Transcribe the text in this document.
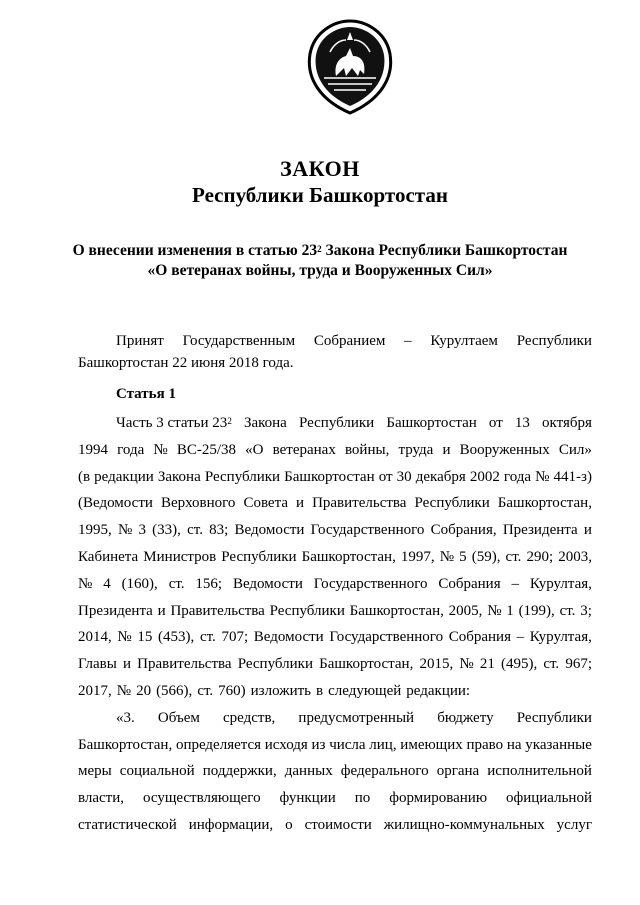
ЗАКОН
Республики Башкортостан
О внесении изменения в статью $23^2$ Закона Республики Башкортостан
«О ветеранах войны, труда и Вооруженных Сил»
Принят Государственным Собранием – Курултаем Республики
Башкортостан 22 июня 2018 года.
Статья 1
Часть 3 статьи $23^2$ Закона Республики Башкортостан от 13 октября
1994 года № ВС-25/38 «О ветеранах войны, труда и Вооруженных Сил»
(в редакции Закона Республики Башкортостан от 30 декабря 2002 года № 441-з)
(Ведомости Верховного Совета и Правительства Республики Башкортостан,
1995, № 3 (33), ст. 83; Ведомости Государственного Собрания, Президента и
Кабинета Министров Республики Башкортостан, 1997, № 5 (59), ст. 290; 2003,
№ 4 (160), ст. 156; Ведомости Государственного Собрания – Курултая,
Президента и Правительства Республики Башкортостан, 2005, № 1 (199), ст. 3;
2014, № 15 (453), ст. 707; Ведомости Государственного Собрания – Курултая,
Главы и Правительства Республики Башкортостан, 2015, № 21 (495), ст. 967;
2017, № 20 (566), ст. 760) изложить в следующей редакции:
«3. Объем средств, предусмотренный бюджету Республики
Башкортостан, определяется исходя из числа лиц, имеющих право на указанные
меры социальной поддержки, данных федерального органа исполнительной
власти, осуществляющего функции по формированию официальной
статистической информации, о стоимости жилищно-коммунальных услуг
